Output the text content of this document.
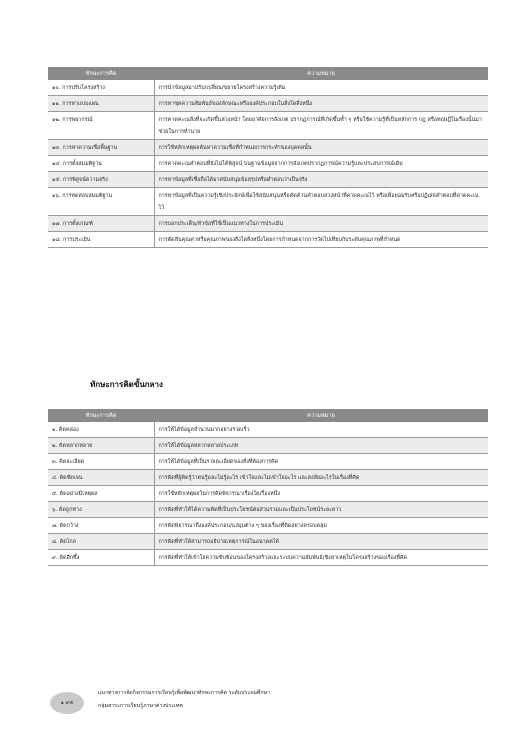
ทักษะการคิด	ความหมาย
๑๐. การปรับโครงสร้าง	การนำข้อมูลมาปรับ/เปลี่ยน/ขยายโครงสร้างความรู้เดิม
๑๑. การหาแบบแผน	การหาชุดความสัมพันธ์ของลักษณะหรือองค์ประกอบในสิ่งใดสิ่งหนึ่ง
๑๒. การพยากรณ์	การคาดคะเนสิ่งที่จะเกิดขึ้นล่วงหน้า โดยอาศัยการสังเกต ปรากฏการณ์ที่เกิดขึ้นซ้ำ ๆ หรือใช้ความรู้ที่เป็นหลักการ กฎ หรือทฤษฎีในเรื่องนั้นมาช่วยในการทำนาย
๑๓. การหาความเชื่อพื้นฐาน	การใช้หลักเหตุผลค้นหาความเชื่อที่กำหนดการกระทำของบุคคลนั้น
๑๔. การตั้งสมมติฐาน	การคาดคะเนคำตอบที่ยังไม่ได้พิสูจน์ บนฐานข้อมูลจากการสังเกตปรากฏการณ์ความรู้และประสบการณ์เดิม
๑๕. การพิสูจน์ความจริง	การหาข้อมูลที่เชื่อถือได้มาสนับสนุนข้อสรุปหรือคำตอบว่าเป็นจริง
๑๖. การทดสอบสมมติฐาน	การหาข้อมูลที่เป็นความรู้เชิงประจักษ์เพื่อใช้สนับสนุนหรือคัดค้านคำตอบล่วงหน้าที่คาดคะเนไว้ หรือเพื่อยอมรับหรือปฏิเสธคำตอบที่คาดคะเนไว้
๑๗. การตั้งเกณฑ์	การบอกประเด็น/หัวข้อที่ใช้เป็นแนวทางในการประเมิน
๑๘. การประเมิน	การตัดสินคุณค่าหรือคุณภาพของสิ่งใดสิ่งหนึ่งโดยการกำหนดจากการวัดไปเทียบกับระดับคุณภาพที่กำหนด
ทักษะการคิดขั้นกลาง
ทักษะการคิด	ความหมาย
๑. คิดคล่อง	การให้ได้ข้อมูลจำนวนมากอย่างรวดเร็ว
๒. คิดหลากหลาย	การให้ได้ข้อมูลหลากหลายประเภท
๓. คิดละเอียด	การให้ได้ข้อมูลที่เป็นรายละเอียดของสิ่งที่ต้องการคิด
๔. คิดชัดเจน	การคิดที่ผู้คิดรู้ว่าตนรู้และไม่รู้อะไร เข้าใจและไม่เข้าใจอะไร และสงสัยอะไรในเรื่องที่คิด
๕. คิดอย่างมีเหตุผล	การใช้หลักเหตุผลในการคิดพิจารณาเรื่องใดเรื่องหนึ่ง
๖. คิดถูกทาง	การคิดที่ทำให้ได้ความคิดที่เป็นประโยชน์ต่อส่วนรวมและเป็นประโยชน์ระยะยาว
๗. คิดกว้าง	การคิดพิจารณาถึงองค์ประกอบ/แง่มุมต่าง ๆ ของเรื่องที่คิดอย่างครอบคลุม
๘. คิดไกล	การคิดที่ทำให้สามารถอธิบายเหตุการณ์ในอนาคตได้
๙. คิดลึกซึ้ง	การคิดที่ทำให้เข้าใจความซับซ้อนของโครงสร้างและระบบความสัมพันธ์เชิงสาเหตุในโครงสร้างของเรื่องที่คิด
๑ ๙๕
แนวทางการจัดกิจกรรมการเรียนรู้เพื่อพัฒนาทักษะการคิด ระดับประถมศึกษา
กลุ่มสาระการเรียนรู้ภาษาต่างประเทศ
